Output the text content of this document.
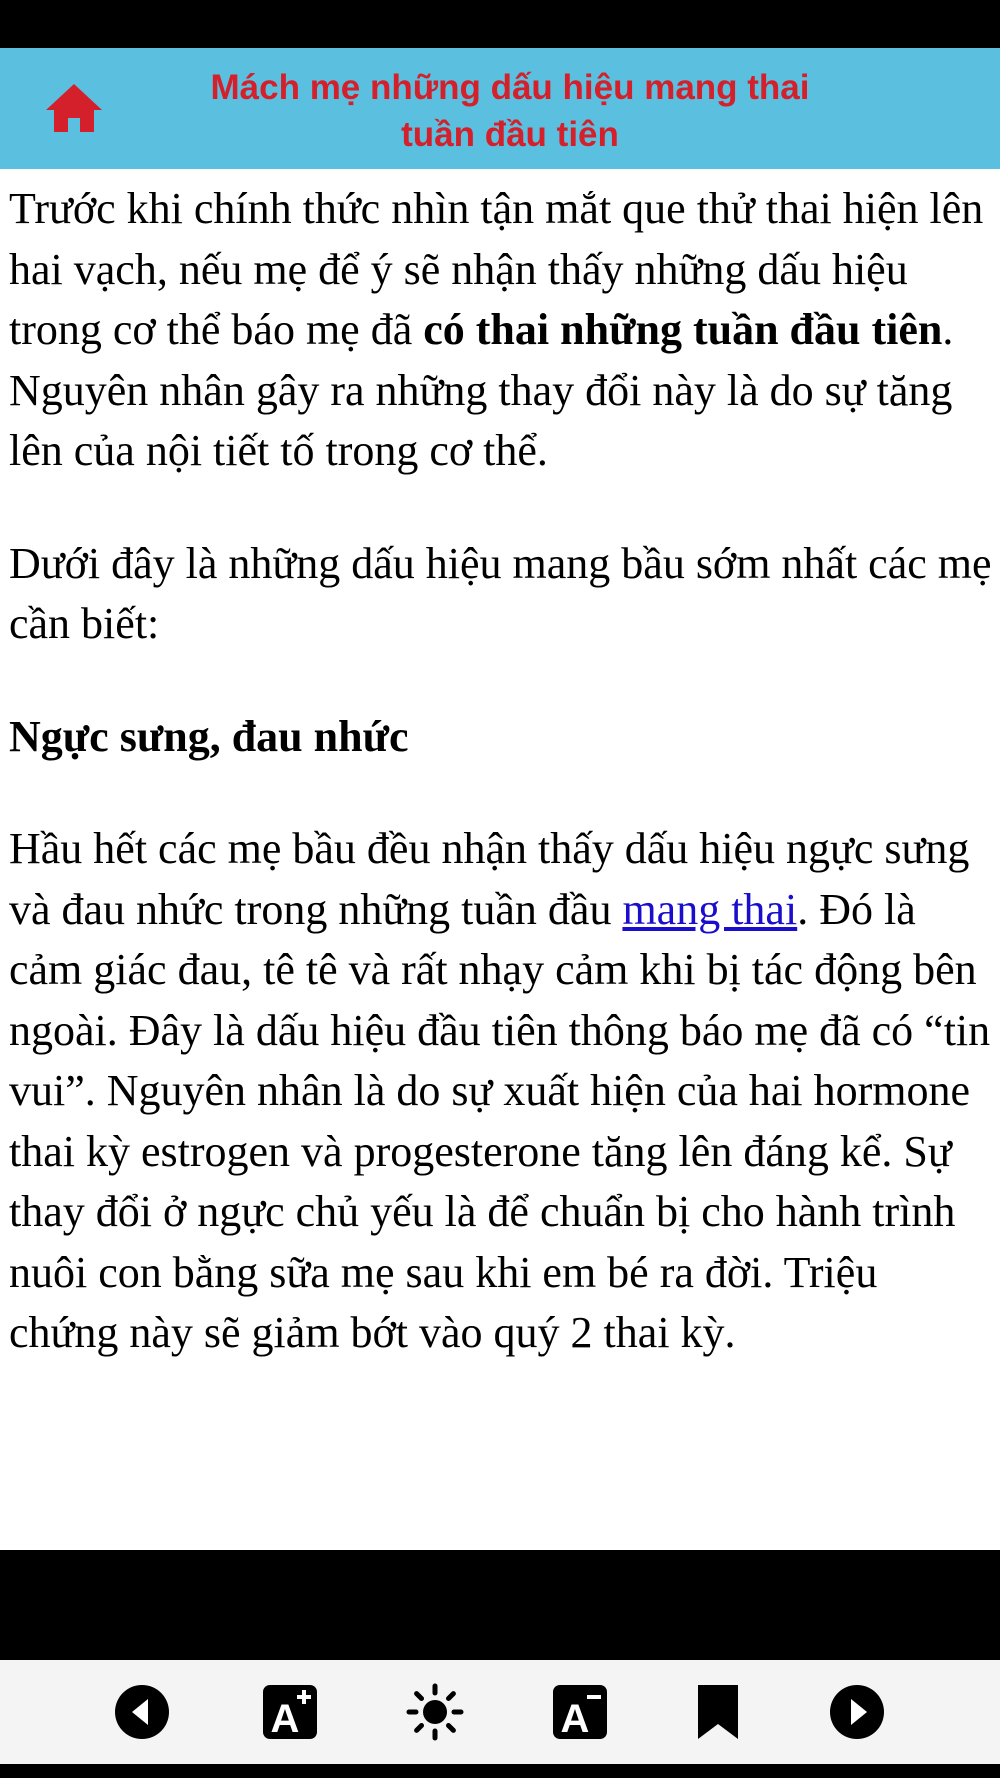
Mách mẹ những dấu hiệu mang thai
tuần đầu tiên

Trước khi chính thức nhìn tận mắt que thử thai hiện lên hai vạch, nếu mẹ để ý sẽ nhận thấy những dấu hiệu trong cơ thể báo mẹ đã có thai những tuần đầu tiên. Nguyên nhân gây ra những thay đổi này là do sự tăng lên của nội tiết tố trong cơ thể.

Dưới đây là những dấu hiệu mang bầu sớm nhất các mẹ cần biết:

Ngực sưng, đau nhức

Hầu hết các mẹ bầu đều nhận thấy dấu hiệu ngực sưng và đau nhức trong những tuần đầu mang thai. Đó là cảm giác đau, tê tê và rất nhạy cảm khi bị tác động bên ngoài. Đây là dấu hiệu đầu tiên thông báo mẹ đã có “tin vui”. Nguyên nhân là do sự xuất hiện của hai hormone thai kỳ estrogen và progesterone tăng lên đáng kể. Sự thay đổi ở ngực chủ yếu là để chuẩn bị cho hành trình nuôi con bằng sữa mẹ sau khi em bé ra đời. Triệu chứng này sẽ giảm bớt vào quý 2 thai kỳ.

A	A
